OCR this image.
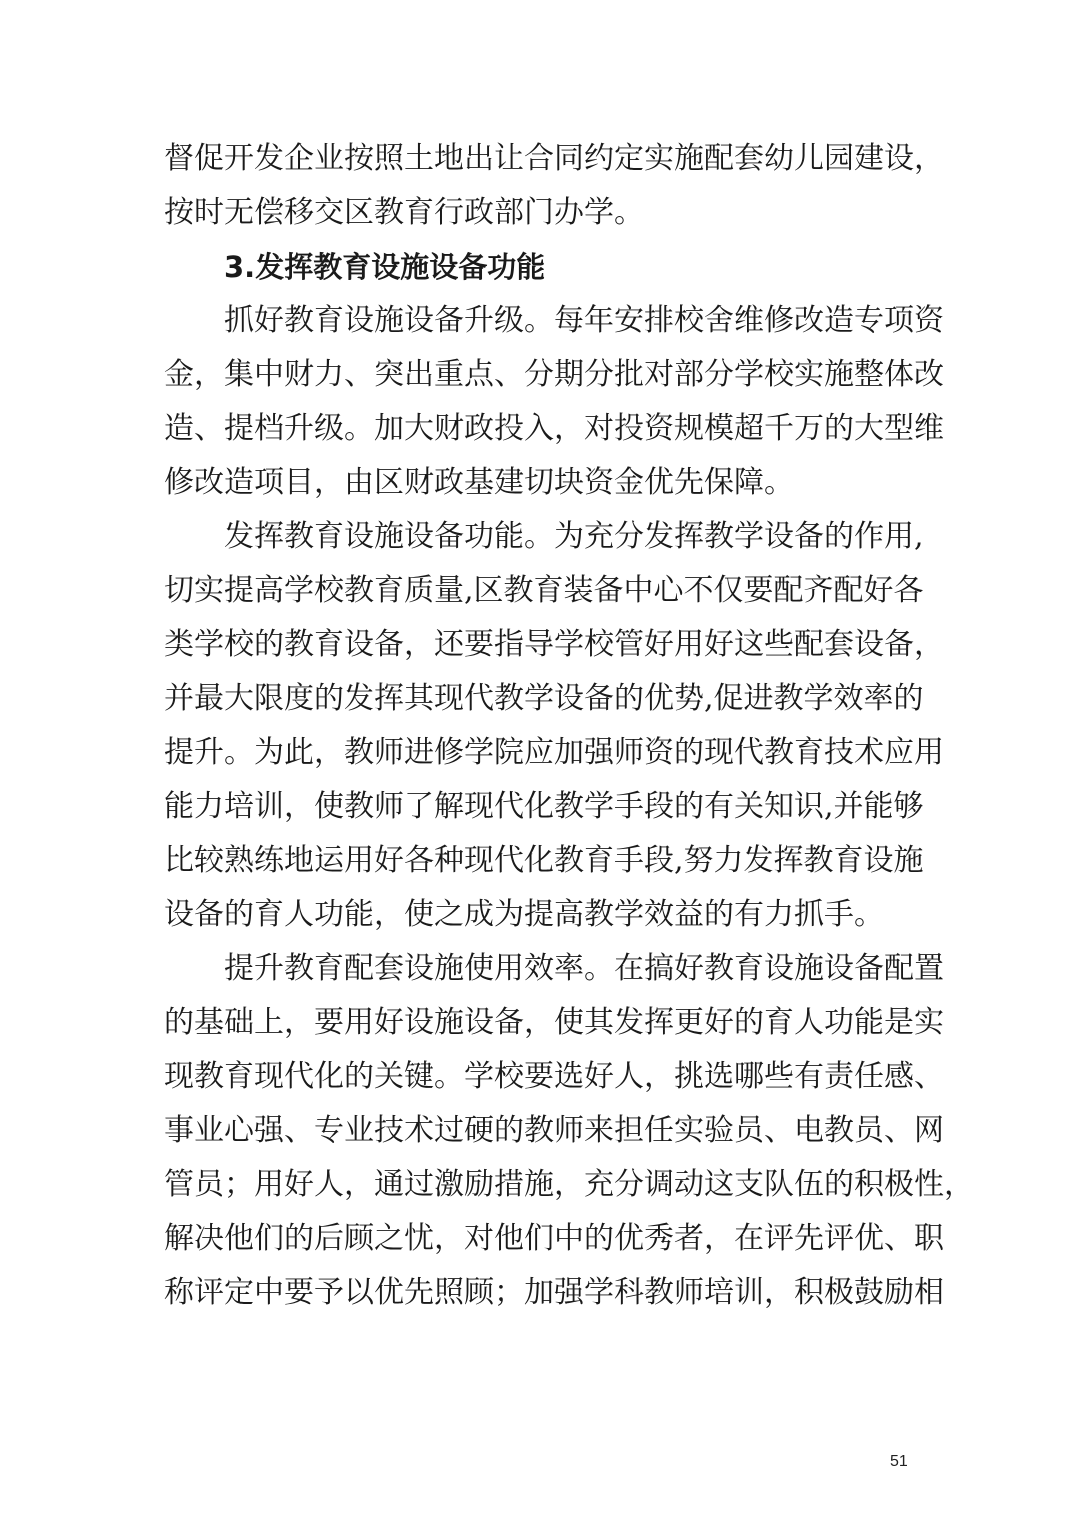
督促开发企业按照土地出让合同约定实施配套幼儿园建设，
按时无偿移交区教育行政部门办学。
3.发挥教育设施设备功能
抓好教育设施设备升级。每年安排校舍维修改造专项资
金，集中财力、突出重点、分期分批对部分学校实施整体改
造、提档升级。加大财政投入，对投资规模超千万的大型维
修改造项目，由区财政基建切块资金优先保障。
发挥教育设施设备功能。为充分发挥教学设备的作用,
切实提高学校教育质量,区教育装备中心不仅要配齐配好各
类学校的教育设备，还要指导学校管好用好这些配套设备，
并最大限度的发挥其现代教学设备的优势,促进教学效率的
提升。为此，教师进修学院应加强师资的现代教育技术应用
能力培训，使教师了解现代化教学手段的有关知识,并能够
比较熟练地运用好各种现代化教育手段,努力发挥教育设施
设备的育人功能，使之成为提高教学效益的有力抓手。
提升教育配套设施使用效率。在搞好教育设施设备配置
的基础上，要用好设施设备，使其发挥更好的育人功能是实
现教育现代化的关键。学校要选好人，挑选哪些有责任感、
事业心强、专业技术过硬的教师来担任实验员、电教员、网
管员；用好人，通过激励措施，充分调动这支队伍的积极性，
解决他们的后顾之忧，对他们中的优秀者，在评先评优、职
称评定中要予以优先照顾；加强学科教师培训，积极鼓励相
51
